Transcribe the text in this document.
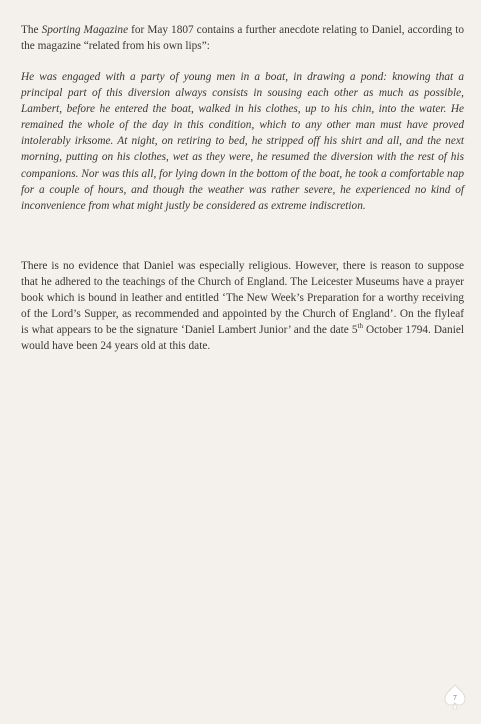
The Sporting Magazine for May 1807 contains a further anecdote relating to Daniel, according to the magazine “related from his own lips”:

He was engaged with a party of young men in a boat, in drawing a pond: knowing that a principal part of this diversion always consists in sousing each other as much as possible, Lambert, before he entered the boat, walked in his clothes, up to his chin, into the water. He remained the whole of the day in this condition, which to any other man must have proved intolerably irksome. At night, on retiring to bed, he stripped off his shirt and all, and the next morning, putting on his clothes, wet as they were, he resumed the diversion with the rest of his companions. Nor was this all, for lying down in the bottom of the boat, he took a comfortable nap for a couple of hours, and though the weather was rather severe, he experienced no kind of inconvenience from what might justly be considered as extreme indiscretion.

There is no evidence that Daniel was especially religious. However, there is reason to suppose that he adhered to the teachings of the Church of England. The Leicester Museums have a prayer book which is bound in leather and entitled ‘The New Week’s Preparation for a worthy receiving of the Lord’s Supper, as recommended and appointed by the Church of England’. On the flyleaf is what appears to be the signature ‘Daniel Lambert Junior’ and the date 5th October 1794. Daniel would have been 24 years old at this date.

7
